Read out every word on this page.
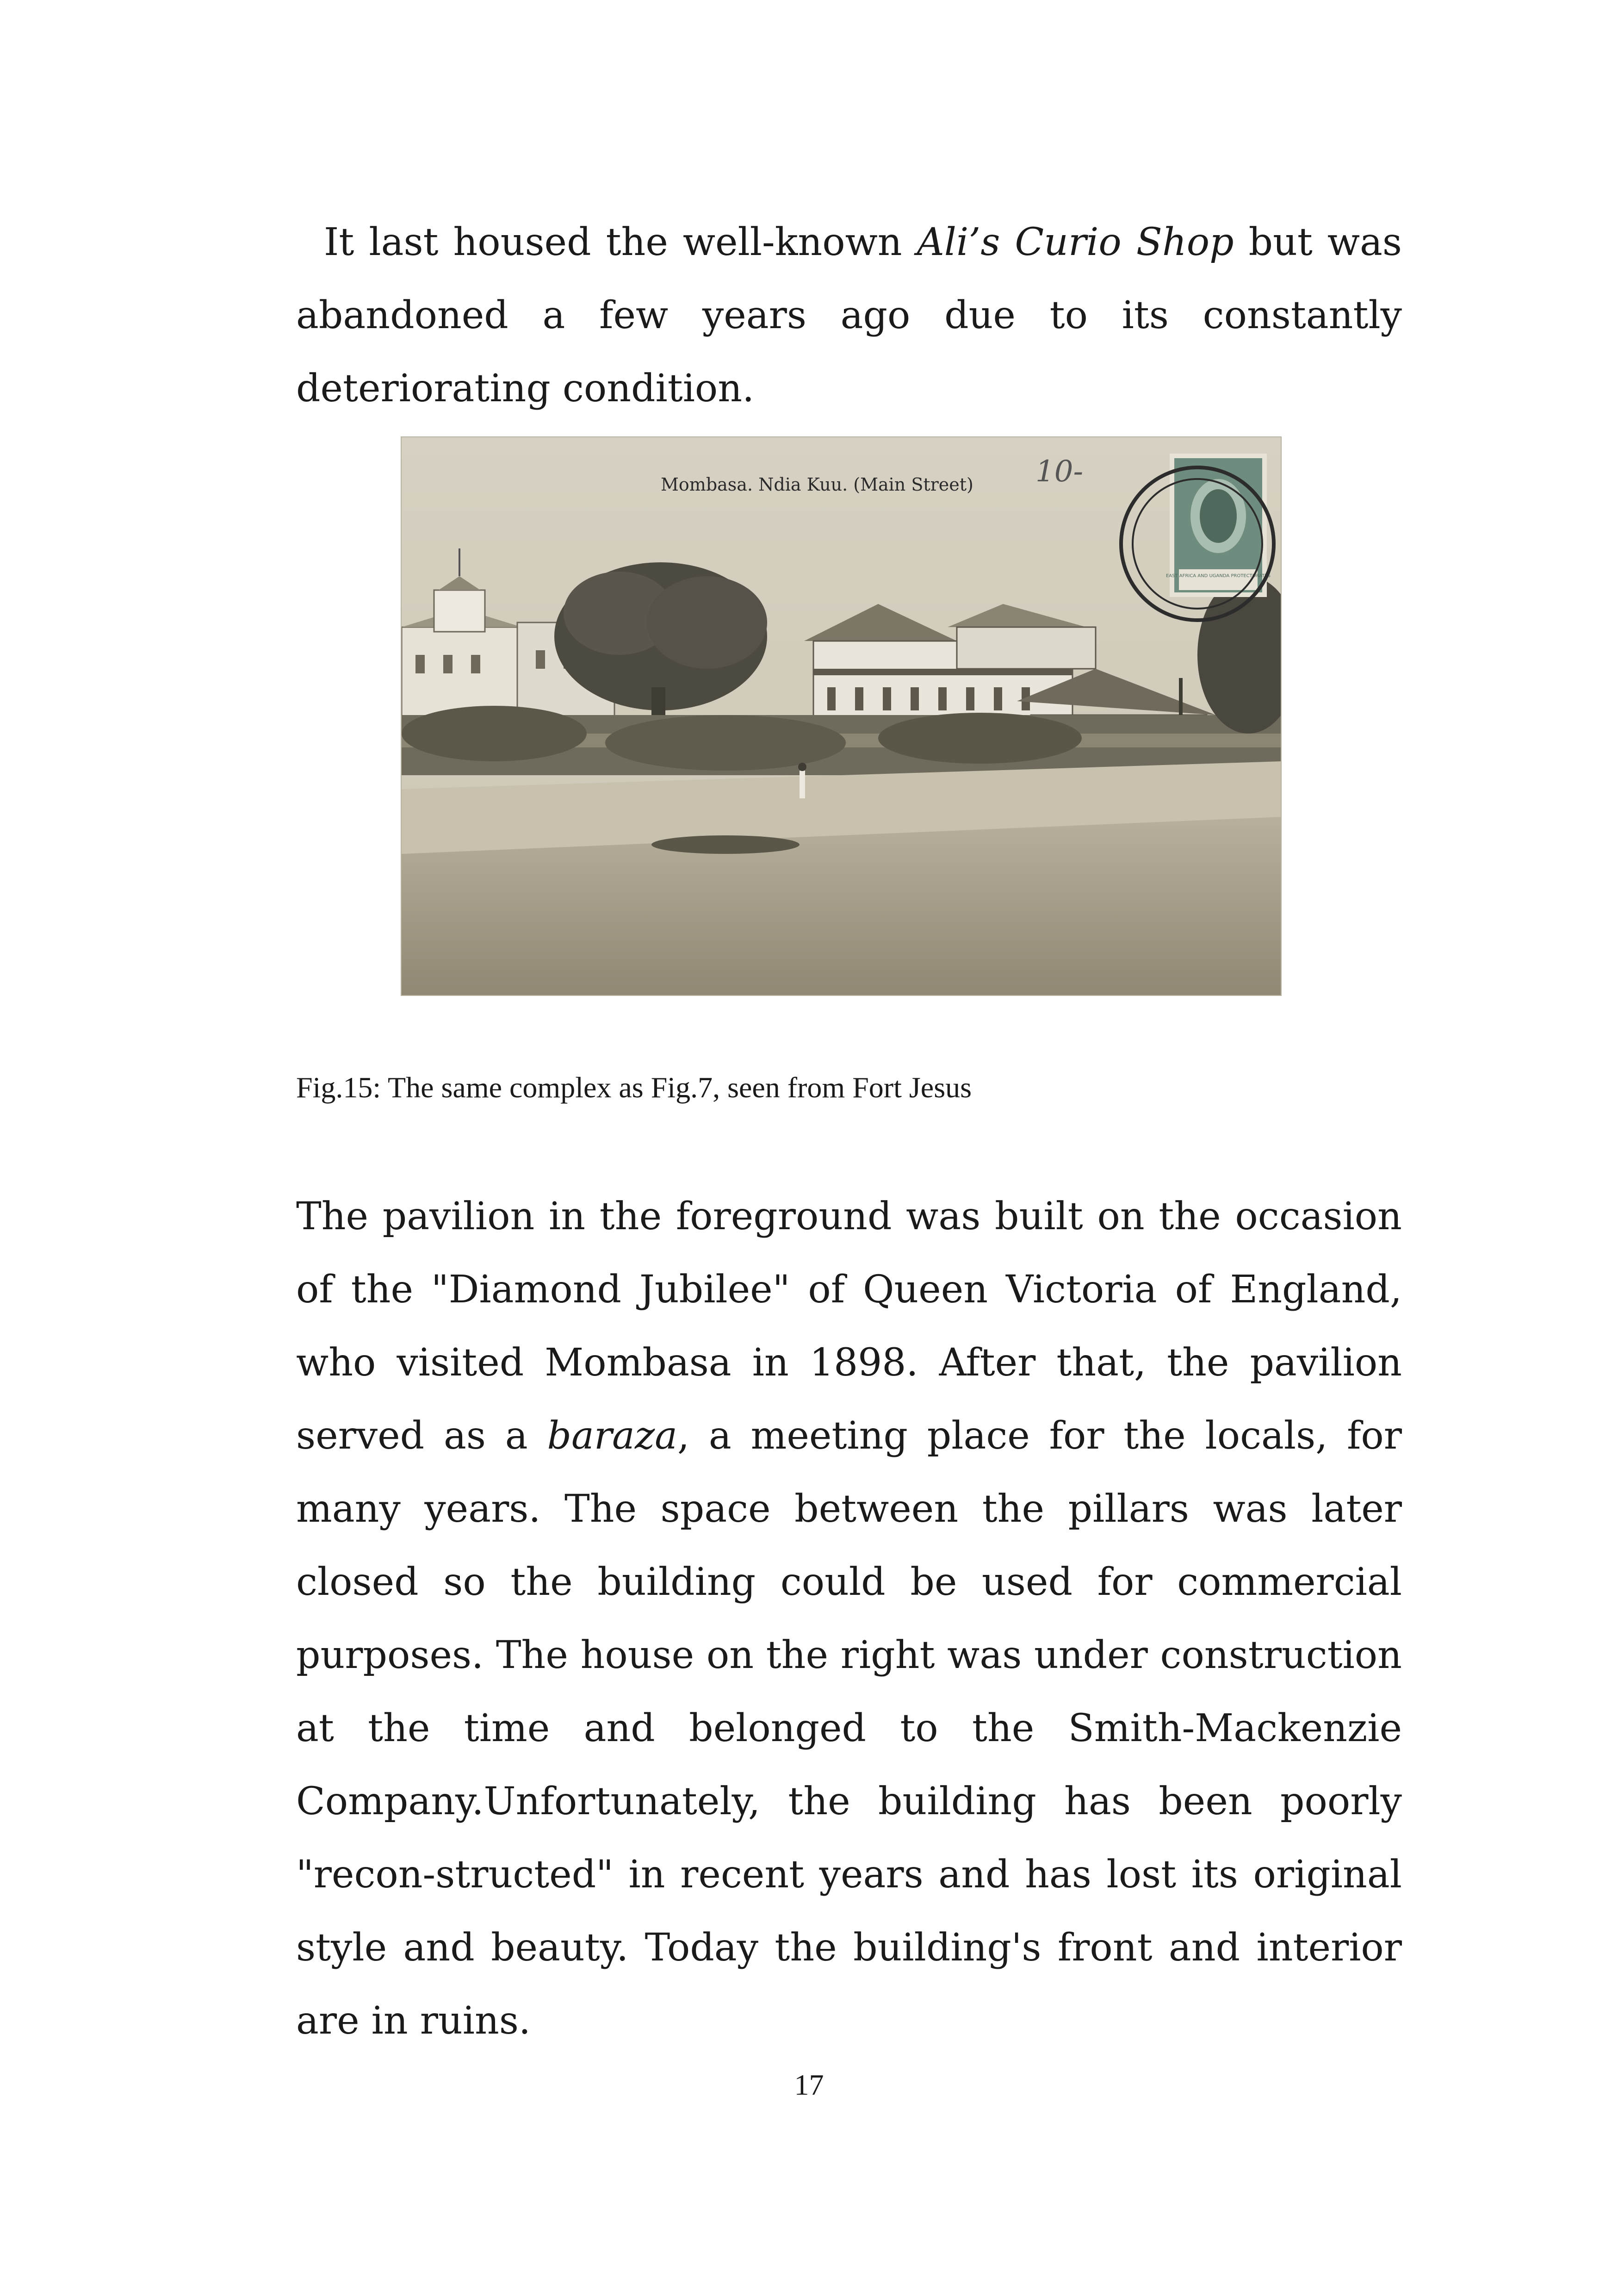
It last housed the well-known Ali’s Curio Shop but was abandoned a few years ago due to its constantly deteriorating condition.

Mombasa. Ndia Kuu. (Main Street) 10-
EAST AFRICA AND UGANDA PROTECTORATES

Fig.15: The same complex as Fig.7, seen from Fort Jesus

The pavilion in the foreground was built on the occasion of the "Diamond Jubilee" of Queen Victoria of England, who visited Mombasa in 1898. After that, the pavilion served as a baraza, a meeting place for the locals, for many years. The space between the pillars was later closed so the building could be used for commercial purposes. The house on the right was under construction at the time and belonged to the Smith-Mackenzie Company.Unfortunately, the building has been poorly "recon-structed" in recent years and has lost its original style and beauty. Today the building's front and interior are in ruins.

17
